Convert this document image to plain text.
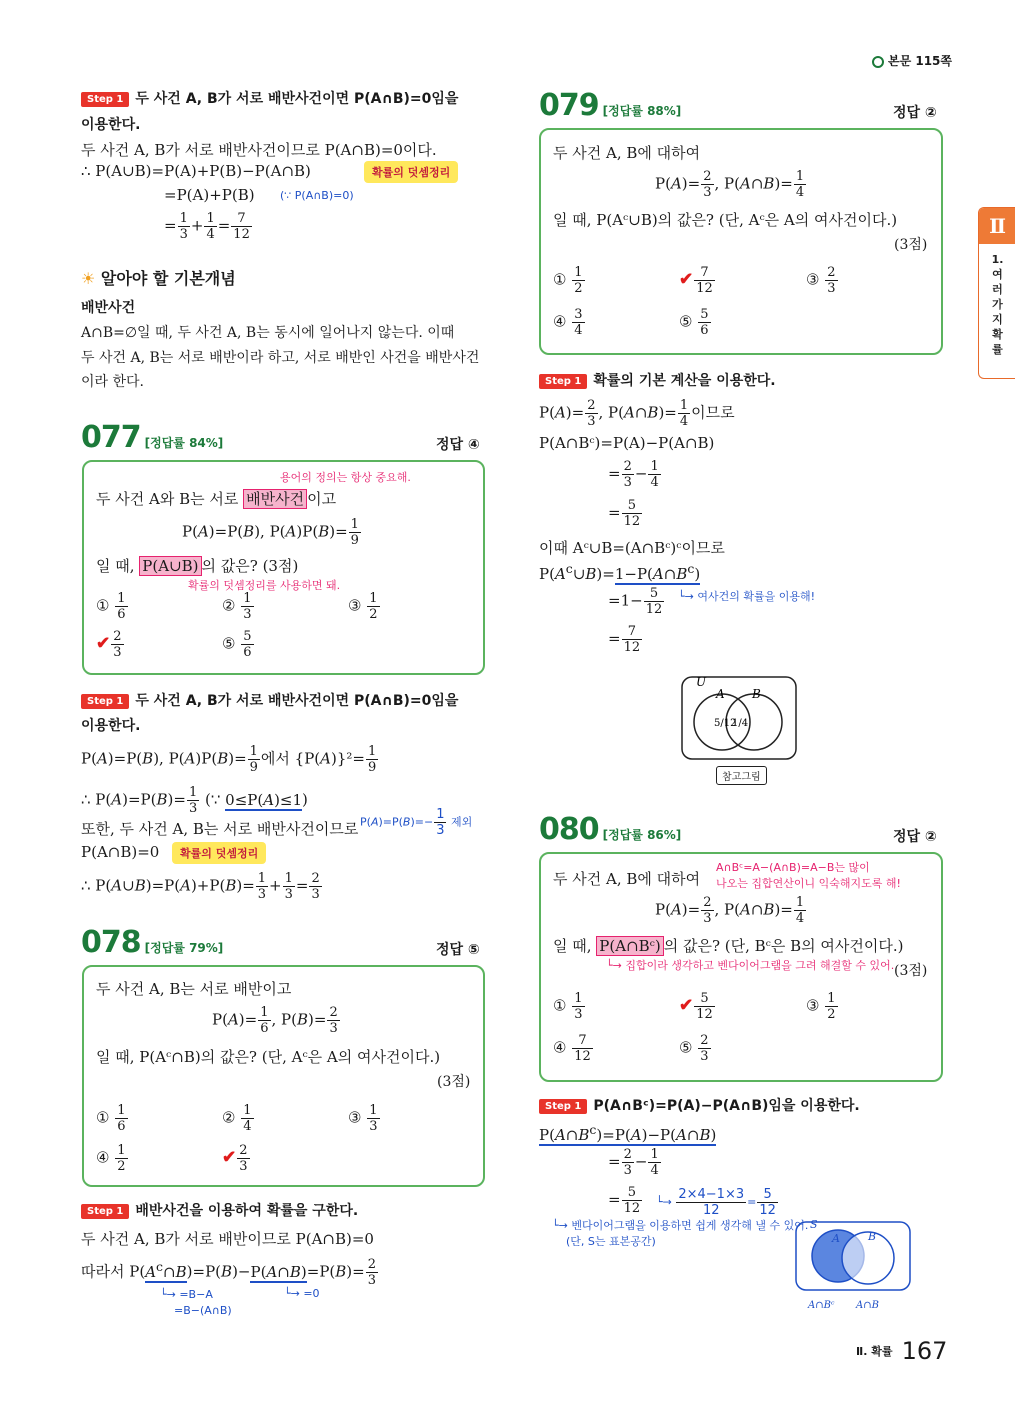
본문 115쪽
Ⅱ
1. 여러 가지 확률
Step 1 두 사건 A, B가 서로 배반사건이면 P(A∩B)=0임을
이용한다.
두 사건 A, B가 서로 배반사건이므로 P(A∩B)=0이다.
∴ P(A∪B)=P(A)+P(B)−P(A∩B)	확률의 덧셈정리
=P(A)+P(B) (∵ P(A∩B)=0)
= $\frac{1}{3} + \frac{1}{4} = \frac{7}{12}$
☀ 알아야 할 기본개념
배반사건
A∩B=∅일 때, 두 사건 A, B는 동시에 일어나지 않는다. 이때
두 사건 A, B는 서로 배반이라 하고, 서로 배반인 사건을 배반사건
이라 한다.
077 [정답률 84%]	정답 ④
용어의 정의는 항상 중요해.
두 사건 A와 B는 서로 배반사건 이고
P(A)=P(B), $P(A)P(B)= \frac{1}{9}$
일 때, P(A∪B) 의 값은? (3점)
확률의 덧셈정리를 사용하면 돼.
① $\frac{1}{6}$	② $\frac{1}{3}$	③ $\frac{1}{2}$
✔ $\frac{2}{3}$	⑤ $\frac{5}{6}$
Step 1 두 사건 A, B가 서로 배반사건이면 P(A∩B)=0임을
이용한다.
P(A)=P(B), $P(A)P(B)= \frac{1}{9}$ 에서 $\{P(A)\}^2= \frac{1}{9}$
∴ $P(A)=P(B)= \frac{1}{3}$ (∵ 0≤P(A)≤1)
$P(A)=P(B)=- \frac{1}{3}$ 제외
또한, 두 사건 A, B는 서로 배반사건이므로
P(A∩B)=0	확률의 덧셈정리
∴ P(A∪B)=P(A)+P(B)= $\frac{1}{3} + \frac{1}{3} = \frac{2}{3}$
078 [정답률 79%]	정답 ⑤
두 사건 A, B는 서로 배반이고
$P(A)= \frac{1}{6}$ , $P(B)= \frac{2}{3}$
일 때, P(Aᶜ∩B)의 값은? (단, Aᶜ은 A의 여사건이다.)
(3점)
① $\frac{1}{6}$	② $\frac{1}{4}$	③ $\frac{1}{3}$
④ $\frac{1}{2}$	✔ $\frac{2}{3}$
Step 1 배반사건을 이용하여 확률을 구한다.
두 사건 A, B가 서로 배반이므로 P(A∩B)=0
따라서 $P(A^c\cap B)=P(B)-P(A\cap B)=P(B)= \frac{2}{3}$
└→ =B−A
=B−(A∩B)
└→ =0
079 [정답률 88%]	정답 ②
두 사건 A, B에 대하여
$P(A)= \frac{2}{3}$ , P(A∩B)= $\frac{1}{4}$
일 때, P(Aᶜ∪B)의 값은? (단, Aᶜ은 A의 여사건이다.)
(3점)
① $\frac{1}{2}$	✔ $\frac{7}{12}$	③ $\frac{2}{3}$
④ $\frac{3}{4}$	⑤ $\frac{5}{6}$
Step 1 확률의 기본 계산을 이용한다.
$P(A)= \frac{2}{3}$ , P(A∩B)= $\frac{1}{4}$ 이므로
P(A∩Bᶜ)=P(A)−P(A∩B)
= $\frac{2}{3} - \frac{1}{4}$
= $\frac{5}{12}$
이때 Aᶜ∪B=(A∩Bᶜ)ᶜ이므로
$P(A^c\cup B)=1-P(A\cap B^c)$
$=1- \frac{5}{12}$ └→ 여사건의 확률을 이용해!
= $\frac{7}{12}$
U
A B
5/12
1/4
참고그림
080 [정답률 86%]	정답 ②
A∩Bᶜ=A−(A∩B)=A−B는 많이
나오는 집합연산이니 익숙해지도록 해!
두 사건 A, B에 대하여
$P(A)= \frac{2}{3}$ , P(A∩B)= $\frac{1}{4}$
일 때, P(A∩Bᶜ) 의 값은? (단, Bᶜ은 B의 여사건이다.)
└→ 집합이라 생각하고 벤다이어그램을 그려 해결할 수 있어. (3점)
① $\frac{1}{3}$	✔ $\frac{5}{12}$	③ $\frac{1}{2}$
④ $\frac{7}{12}$	⑤ $\frac{2}{3}$
Step 1 P(A∩Bᶜ)=P(A)−P(A∩B)임을 이용한다.
$P(A\cap B^c)=P(A)-P(A\cap B)$
= $\frac{2}{3} - \frac{1}{4}$
= $\frac{5}{12}$ └→ $\frac{2\times 4-1\times 3}{12} = \frac{5}{12}$
└→ 벤다이어그램을 이용하면 쉽게 생각해 낼 수 있어.
(단, S는 표본공간)
S
A	B
A∩Bᶜ A∩B
Ⅱ. 확률 167
